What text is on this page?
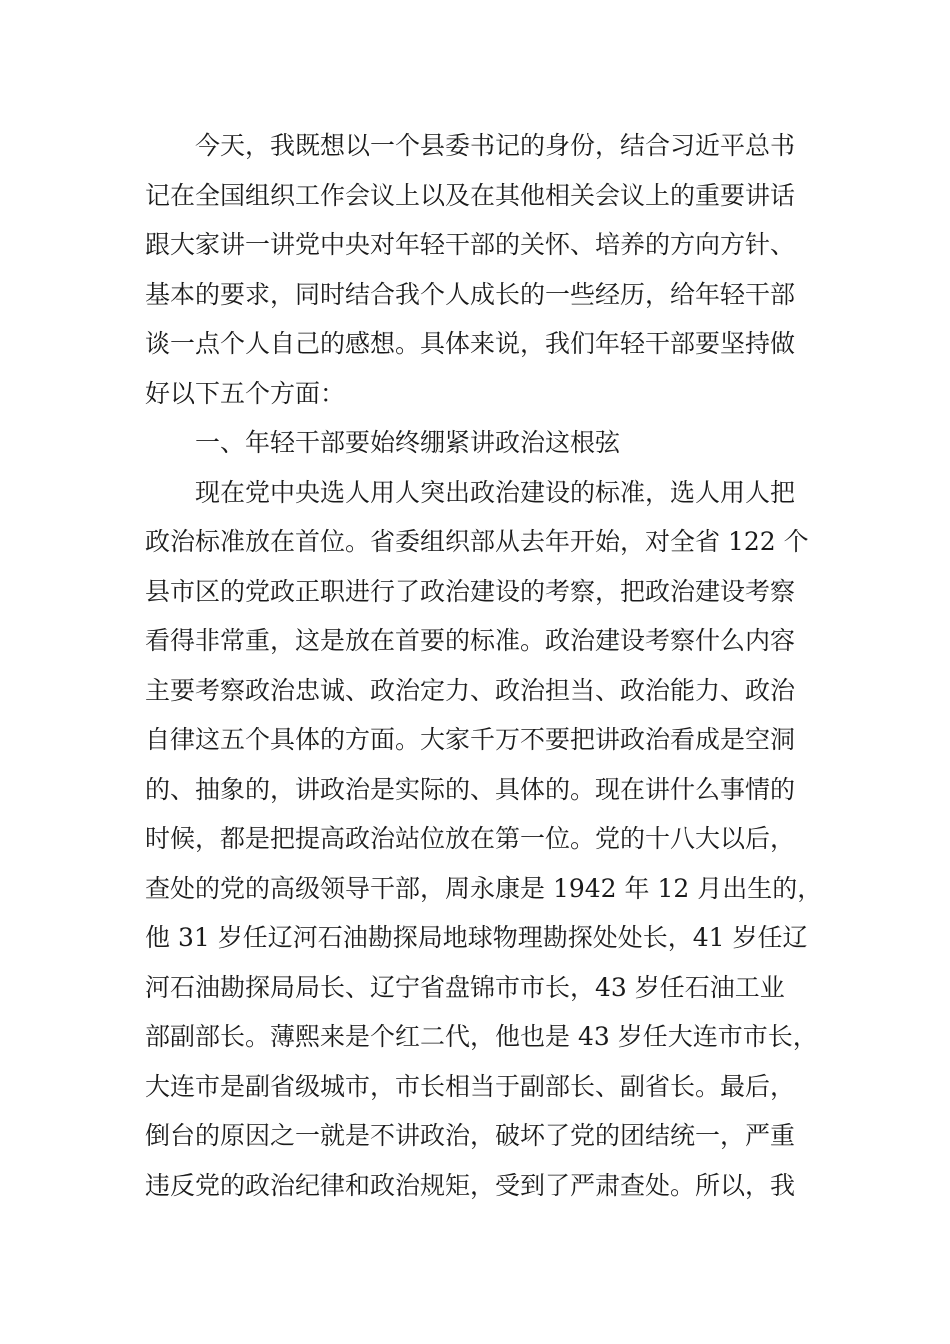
今天，我既想以一个县委书记的身份，结合习近平总书
记在全国组织工作会议上以及在其他相关会议上的重要讲话
跟大家讲一讲党中央对年轻干部的关怀、培养的方向方针、
基本的要求，同时结合我个人成长的一些经历，给年轻干部
谈一点个人自己的感想。具体来说，我们年轻干部要坚持做
好以下五个方面：
一、年轻干部要始终绷紧讲政治这根弦
现在党中央选人用人突出政治建设的标准，选人用人把
政治标准放在首位。省委组织部从去年开始，对全省 122 个
县市区的党政正职进行了政治建设的考察，把政治建设考察
看得非常重，这是放在首要的标准。政治建设考察什么内容
主要考察政治忠诚、政治定力、政治担当、政治能力、政治
自律这五个具体的方面。大家千万不要把讲政治看成是空洞
的、抽象的，讲政治是实际的、具体的。现在讲什么事情的
时候，都是把提高政治站位放在第一位。党的十八大以后，
查处的党的高级领导干部，周永康是 1942 年 12 月出生的，
他 31 岁任辽河石油勘探局地球物理勘探处处长，41 岁任辽
河石油勘探局局长、辽宁省盘锦市市长，43 岁任石油工业
部副部长。薄熙来是个红二代，他也是 43 岁任大连市市长，
大连市是副省级城市，市长相当于副部长、副省长。最后，
倒台的原因之一就是不讲政治，破坏了党的团结统一，严重
违反党的政治纪律和政治规矩，受到了严肃查处。所以，我
